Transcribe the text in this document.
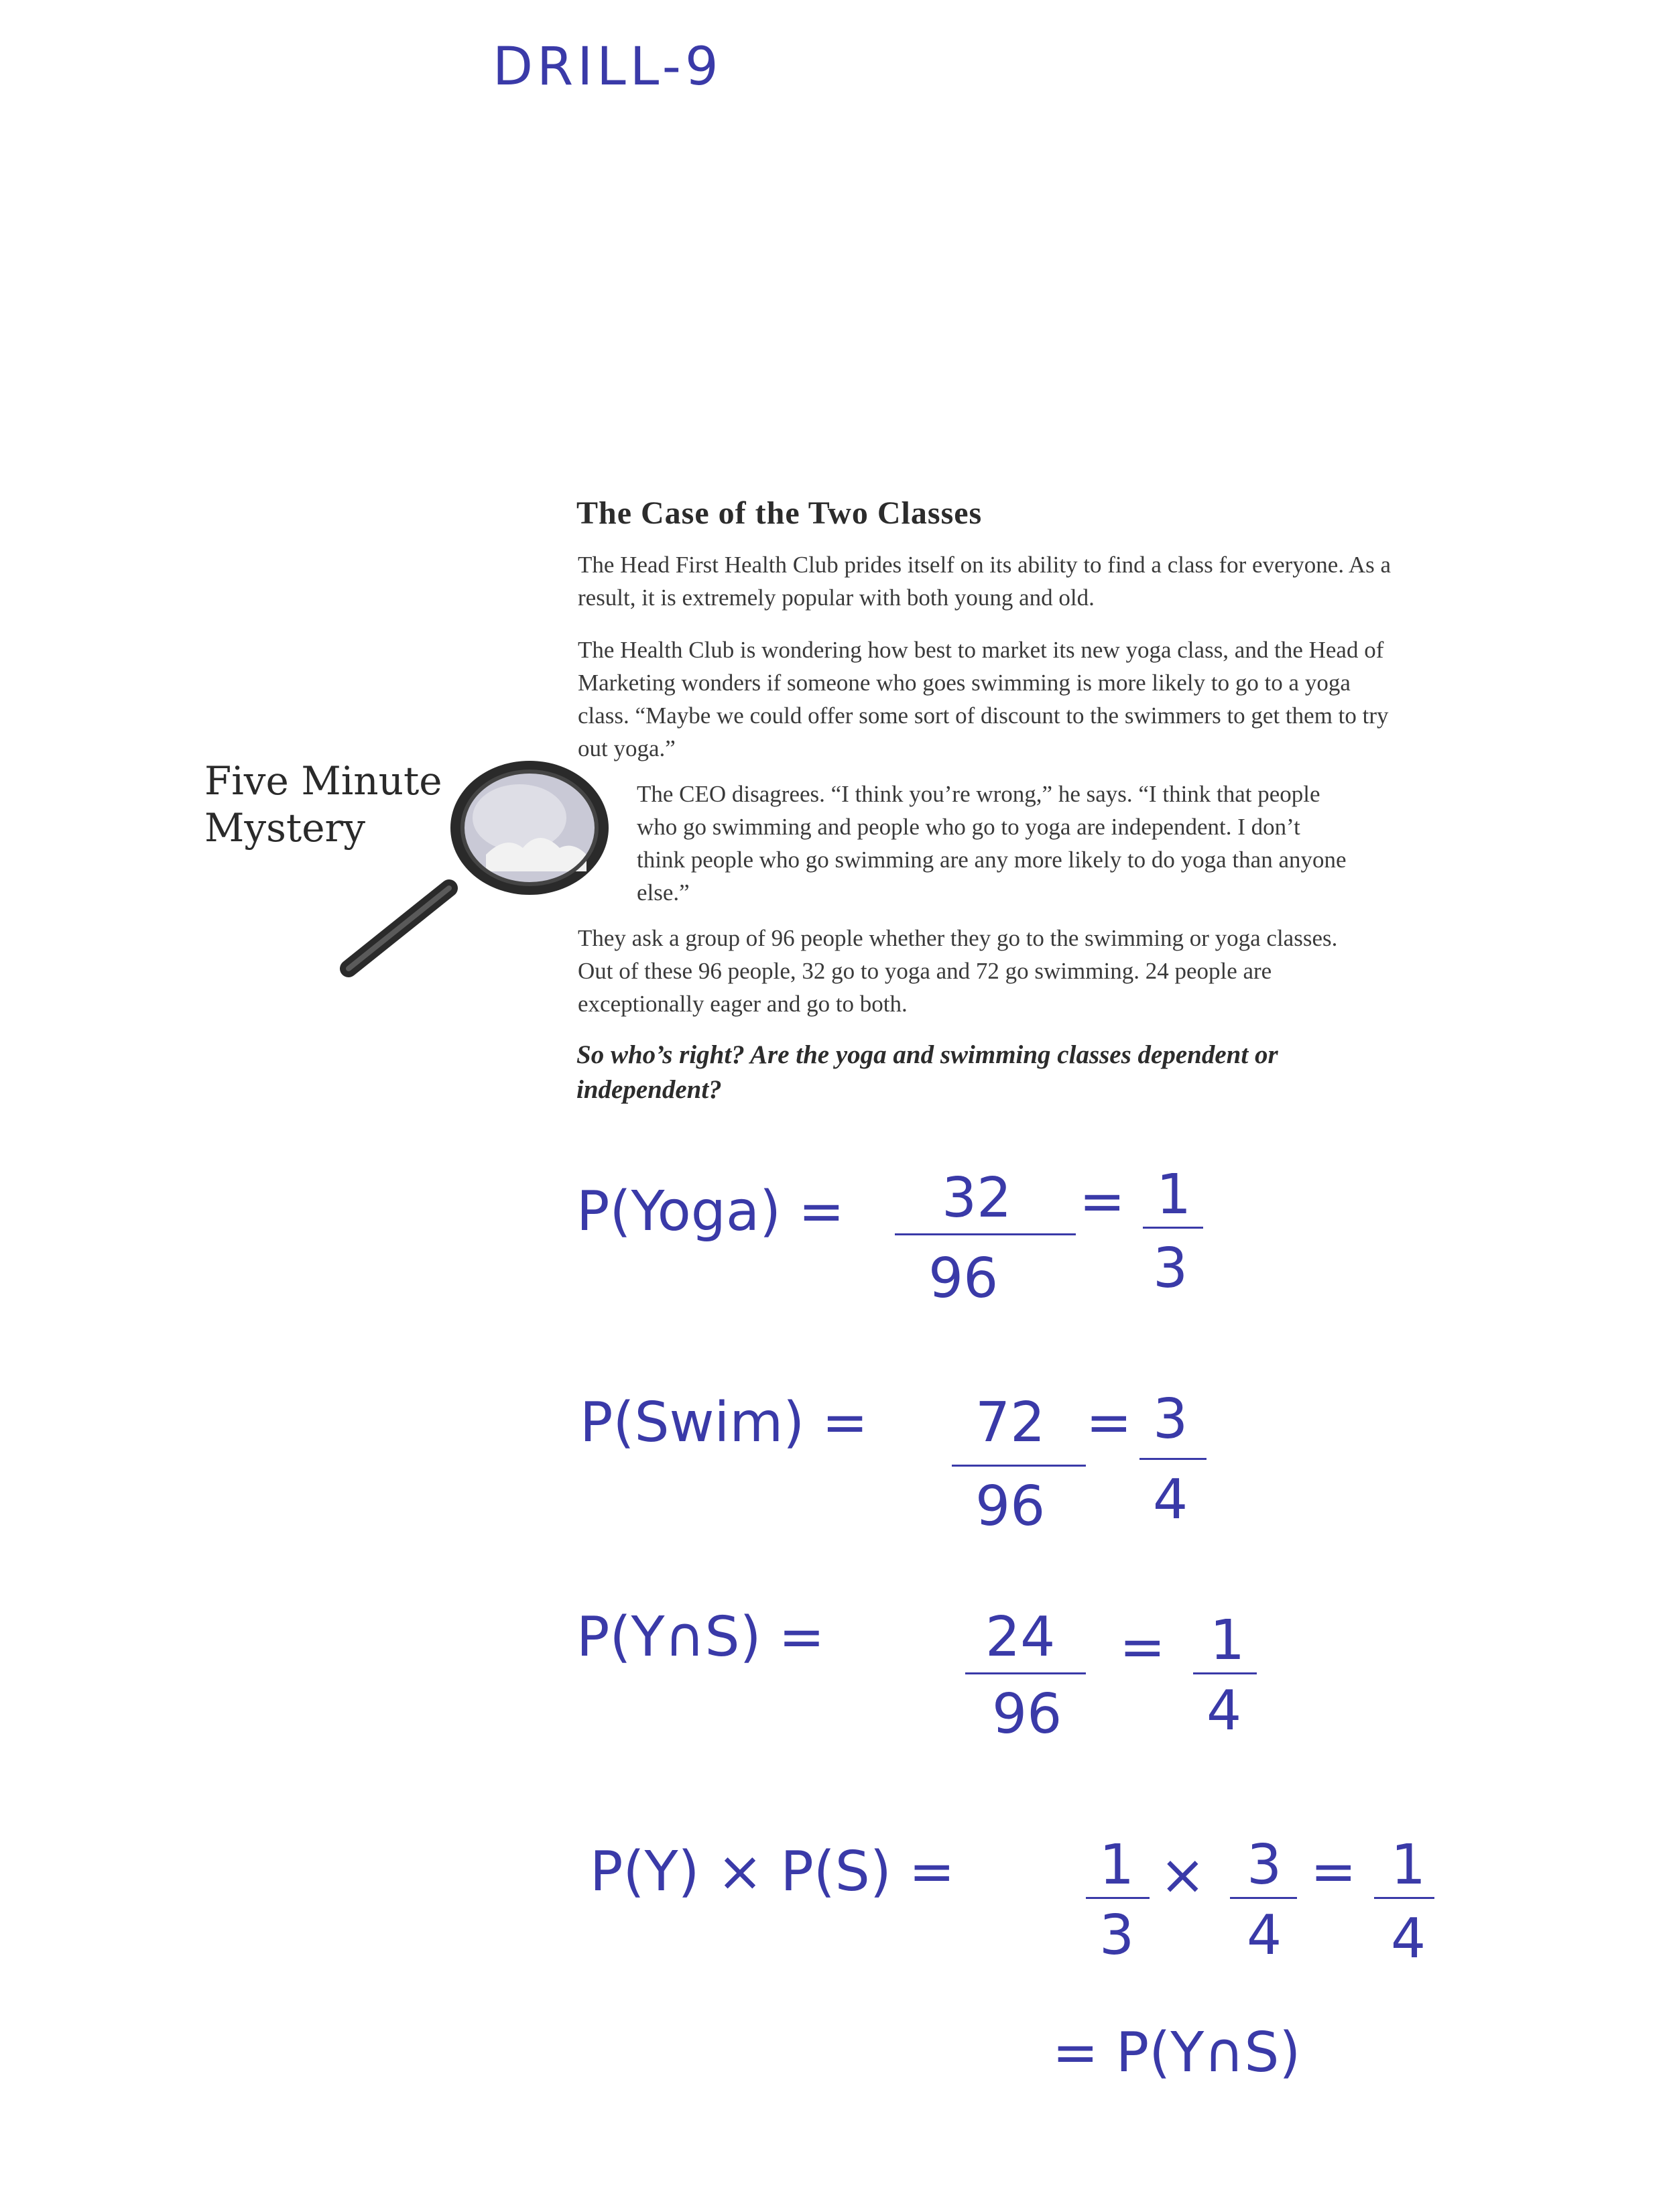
DRILL-9
Five Minute
Mystery
The Case of the Two Classes
The Head First Health Club prides itself on its ability to find a class for everyone. As a result, it is extremely popular with both young and old.
The Health Club is wondering how best to market its new yoga class, and the Head of Marketing wonders if someone who goes swimming is more likely to go to a yoga class. “Maybe we could offer some sort of discount to the swimmers to get them to try out yoga.”
The CEO disagrees. “I think you’re wrong,” he says. “I think that people who go swimming and people who go to yoga are independent. I don’t think people who go swimming are any more likely to do yoga than anyone else.”
They ask a group of 96 people whether they go to the swimming or yoga classes. Out of these 96 people, 32 go to yoga and 72 go swimming. 24 people are exceptionally eager and go to both.
So who’s right? Are the yoga and swimming classes dependent or independent?
P(Yoga) = 32
96
= 1
3
P(Swim) = 72
96
= 3
4
P(Y∩S) =	24
96
= 1
4
P(Y) × P(S) =	1
3
× 3
4
= 1
4
= P(Y∩S)
